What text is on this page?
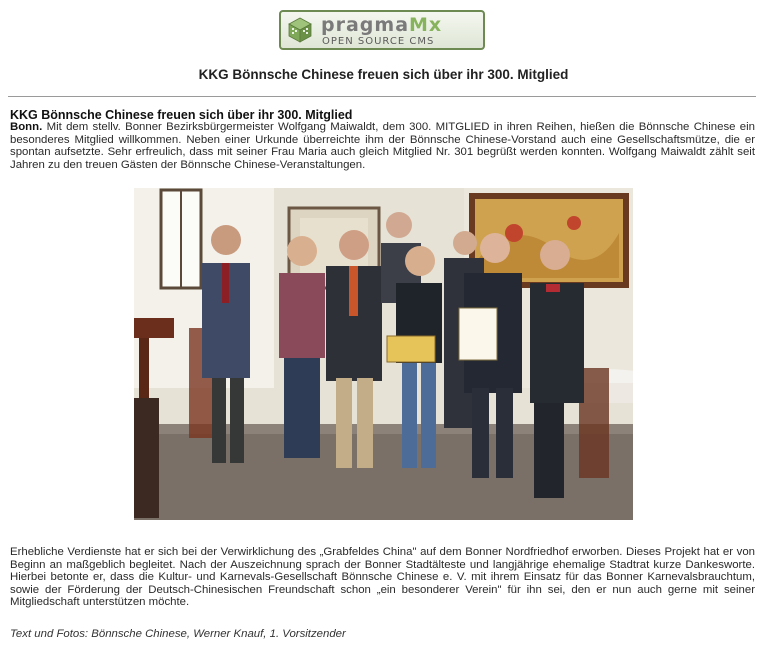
pragmaMx
OPEN SOURCE CMS
KKG Bönnsche Chinese freuen sich über ihr 300. Mitglied
KKG Bönnsche Chinese freuen sich über ihr 300. Mitglied
Bonn. Mit dem stellv. Bonner Bezirksbürgermeister Wolfgang Maiwaldt, dem 300. MITGLIED in ihren Reihen, hießen die Bönnsche Chinese ein besonderes Mitglied willkommen. Neben einer Urkunde überreichte ihm der Bönnsche Chinese-Vorstand auch eine Gesellschaftsmütze, die er spontan aufsetzte. Sehr erfreulich, dass mit seiner Frau Maria auch gleich Mitglied Nr. 301 begrüßt werden konnten. Wolfgang Maiwaldt zählt seit Jahren zu den treuen Gästen der Bönnsche Chinese-Veranstaltungen.
Erhebliche Verdienste hat er sich bei der Verwirklichung des „Grabfeldes China" auf dem Bonner Nordfriedhof erworben. Dieses Projekt hat er von Beginn an maßgeblich begleitet. Nach der Auszeichnung sprach der Bonner Stadtälteste und langjährige ehemalige Stadtrat kurze Dankesworte. Hierbei betonte er, dass die Kultur- und Karnevals-Gesellschaft Bönnsche Chinese e. V. mit ihrem Einsatz für das Bonner Karnevalsbrauchtum, sowie der Förderung der Deutsch-Chinesischen Freundschaft schon „ein besonderer Verein" für ihn sei, den er nun auch gerne mit seiner Mitgliedschaft unterstützen möchte.
Text und Fotos: Bönnsche Chinese, Werner Knauf, 1. Vorsitzender
